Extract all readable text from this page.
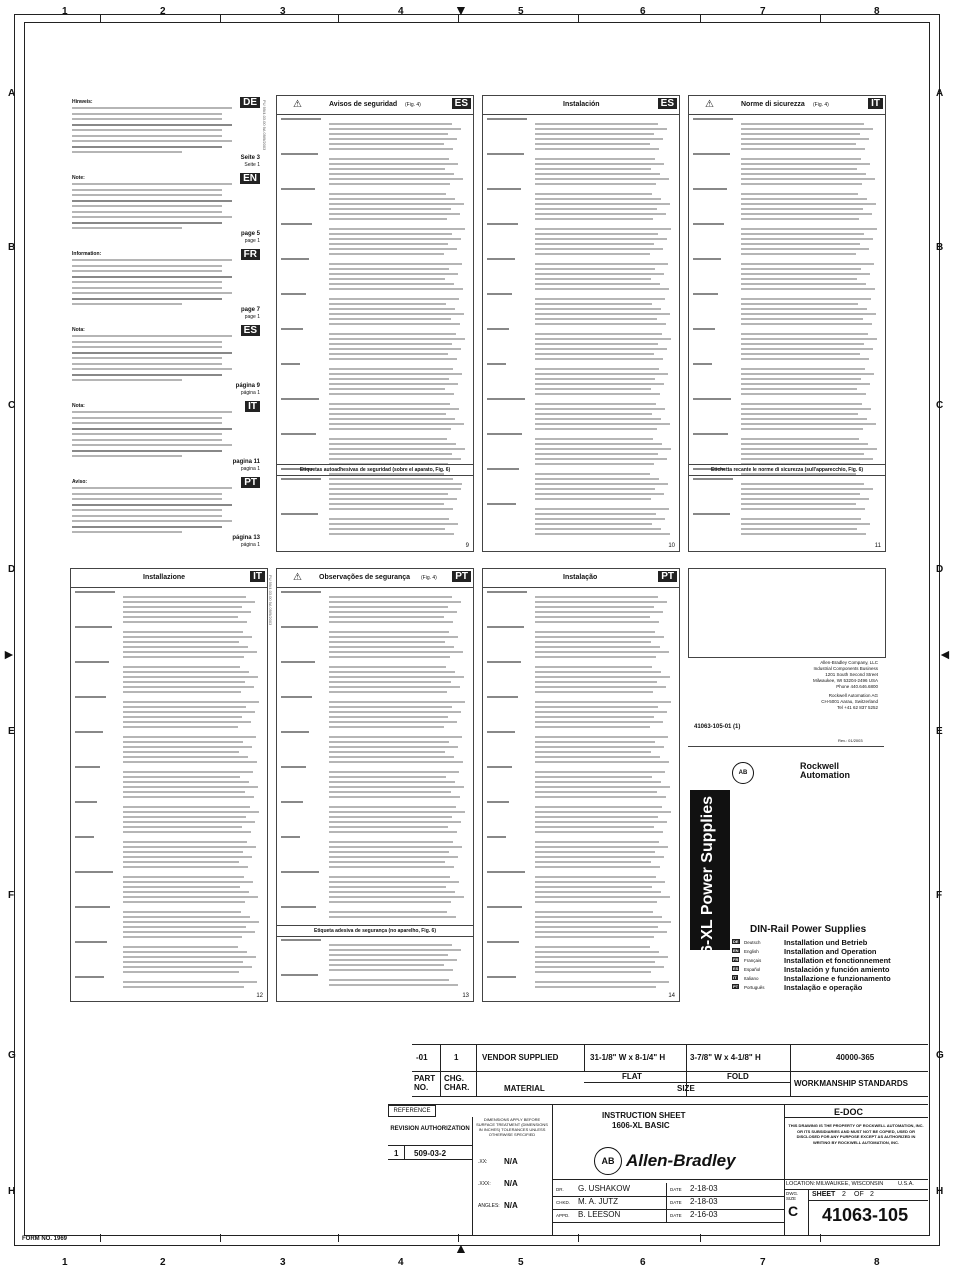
1
1
2
2
3
3
4
4
5
5
6
6
7
7
8
8
A	A
B	B
C	C
D	D
E	E
F	F
G	G
H	H
▼
▲
►	◄
DE
Hinweis:
Seite 3
Seite 1
EN
Note:
page 5
page 1
FR
Information:
page 7
page 1
ES
Nota:
página 9
página 1
IT
Nota:
pagina 11
pagina 1
PT
Aviso:
página 13
página 1
PU 99/4.03.00 9A 09/9/2003	⚠	Avisos de seguridad (Fig. 4)	ES
Etiquetas autoadhesivas de seguridad (sobre el aparato, Fig. 6)
9
Instalación	ES
10
⚠	Norme di sicurezza (Fig. 4)	IT
Etichetta recante le norme di sicurezza (sull'apparecchio, Fig. 6)
11
Installazione	IT
12
PU 99/4.03.00 9A 09/9/2003 ⚠ Observações de segurança (Fig. 4)	PT
Etiqueta adesiva de segurança (no aparelho, Fig. 6)
13
Instalação	PT
14
Allen-Bradley Company, LLC
Industrial Components Business
1201 South Second Street
Milwaukee, WI 53204-2496 USA
Phone 440.646.6800
Rockwell Automation AG
CH-5001 Aarau, Switzerland
Tel +41 62 837 5252
41063-105-01 (1)
Rev.: 01/2003
AB
Rockwell Automation
1606-XL Power Supplies	DIN-Rail Power Supplies
DE Deutsch	Installation und Betrieb
EN English	Installation and Operation
FR Français	Installation et fonctionnement
ES Español	Instalación y función amiento
IT Italiano	Installazione e funzionamento
PT Português	Instalação e operação
-01	1	VENDOR SUPPLIED	31-1/8" W x 8-1/4" H	3-7/8" W x 4-1/8" H	40000-365
PART NO.
CHG. CHAR.	MATERIAL
FLAT	FOLD
SIZE
WORKMANSHIP STANDARDS
REFERENCE
REVISION AUTHORIZATION
1 509-03-2
DIMENSIONS APPLY BEFORE SURFACE TREATMENT (DIMENSIONS IN INCHES) TOLERANCES UNLESS OTHERWISE SPECIFIED
.XX: N/A
.XXX: N/A
ANGLES: N/A
INSTRUCTION SHEET
1606-XL BASIC
E-DOC
THIS DRAWING IS THE PROPERTY OF ROCKWELL AUTOMATION, INC. OR ITS SUBSIDIARIES AND MUST NOT BE COPIED, USED OR DISCLOSED FOR ANY PURPOSE EXCEPT AS AUTHORIZED IN WRITING BY ROCKWELL AUTOMATION, INC.
AB Allen-Bradley
DR. G. USHAKOW	DATE 2-18-03
CHKD. M. A. JUTZ	DATE 2-18-03
APPD. B. LEESON	DATE 2-16-03
LOCATION: MILWAUKEE, WISCONSIN	U.S.A.
DWG. SIZE
C
SHEET 2 OF 2
41063-105
FORM NO. 1969
